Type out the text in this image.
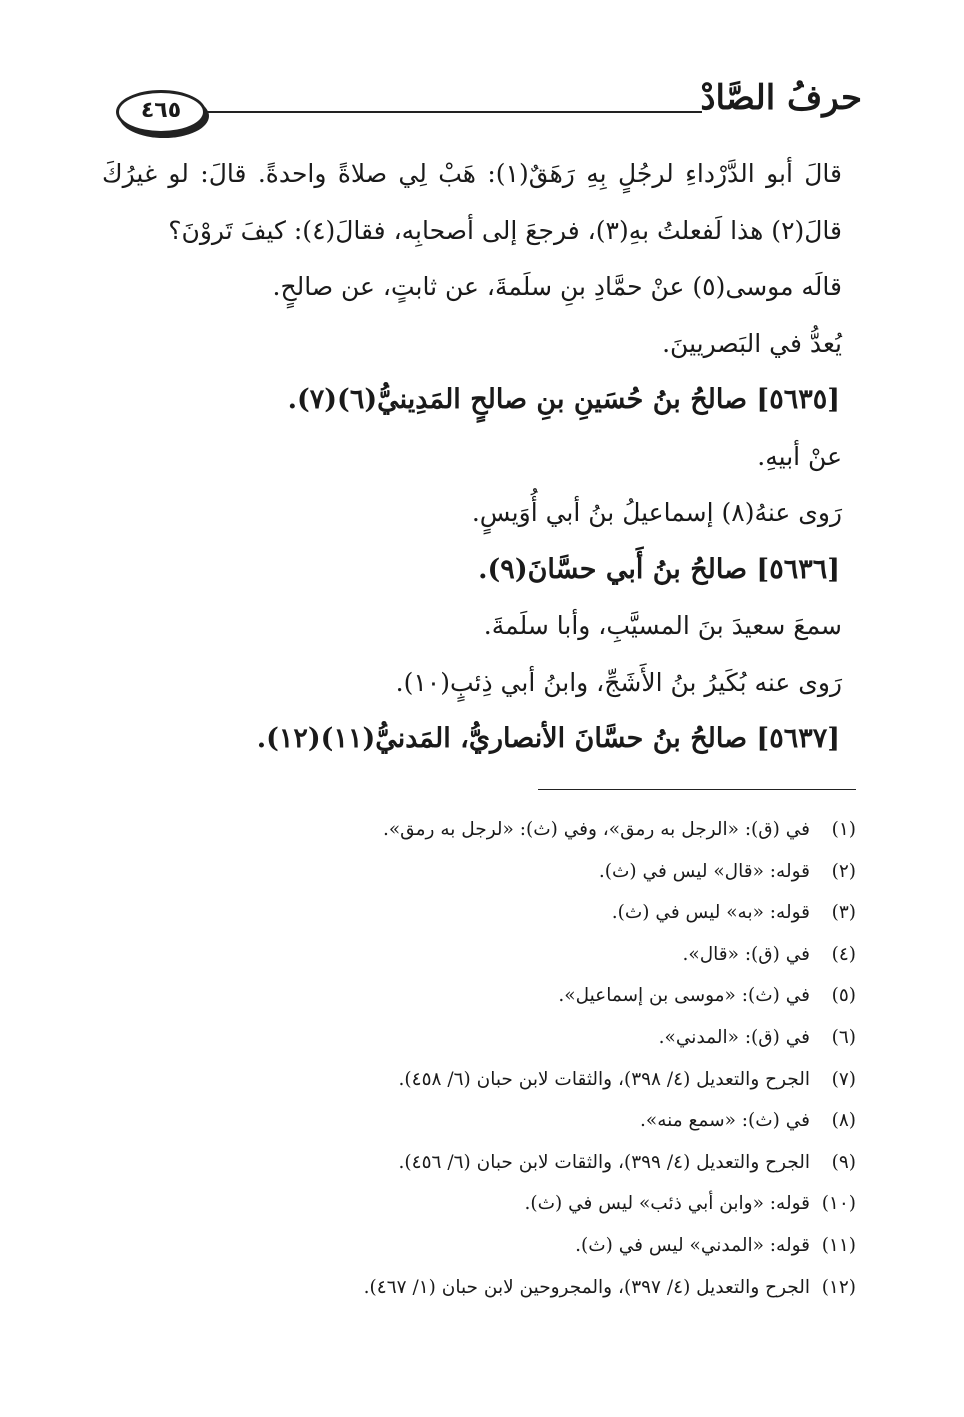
حرفُ الصَّادْ
٤٦٥
قالَ أبو الدَّرْداءِ لرجُلٍ بِهِ رَهَقٌ(١): هَبْ لِي صلاةً واحدةً. قالَ: لو غيرُكَ
قالَ(٢) هذا لَفعلتُ بهِ(٣)، فرجعَ إلى أصحابِه، فقالَ(٤): كيفَ تَروْنَ؟
قالَه موسى(٥) عنْ حمَّادِ بنِ سلَمةَ، عن ثابتٍ، عن صالحٍ.
يُعدُّ في البَصريينَ.
[٥٦٣٥] صالحُ بنُ حُسَينِ بنِ صالحٍ المَدِينيُّ(٦)(٧).
عنْ أبيهِ.
رَوى عنهُ(٨) إسماعيلُ بنُ أبي أُوَيسٍ.
[٥٦٣٦] صالحُ بنُ أَبي حسَّانَ(٩).
سمعَ سعيدَ بنَ المسيَّبِ، وأبا سلَمةَ.
رَوى عنه بُكَيرُ بنُ الأَشَجِّ، وابنُ أبي ذِئبٍ(١٠).
[٥٦٣٧] صالحُ بنُ حسَّانَ الأنصاريُّ، المَدنيُّ(١١)(١٢).
(١)في (ق): «الرجل به رمق»، وفي (ث): «لرجل به رمق».
(٢)قوله: «قال» ليس في (ث).
(٣)قوله: «به» ليس في (ث).
(٤)في (ق): «قال».
(٥)في (ث): «موسى بن إسماعيل».
(٦)في (ق): «المدني».
(٧)الجرح والتعديل (٤/ ٣٩٨)، والثقات لابن حبان (٦/ ٤٥٨).
(٨)في (ث): «سمع منه».
(٩)الجرح والتعديل (٤/ ٣٩٩)، والثقات لابن حبان (٦/ ٤٥٦).
(١٠)قوله: «وابن أبي ذئب» ليس في (ث).
(١١)قوله: «المدني» ليس في (ث).
(١٢)الجرح والتعديل (٤/ ٣٩٧)، والمجروحين لابن حبان (١/ ٤٦٧).
